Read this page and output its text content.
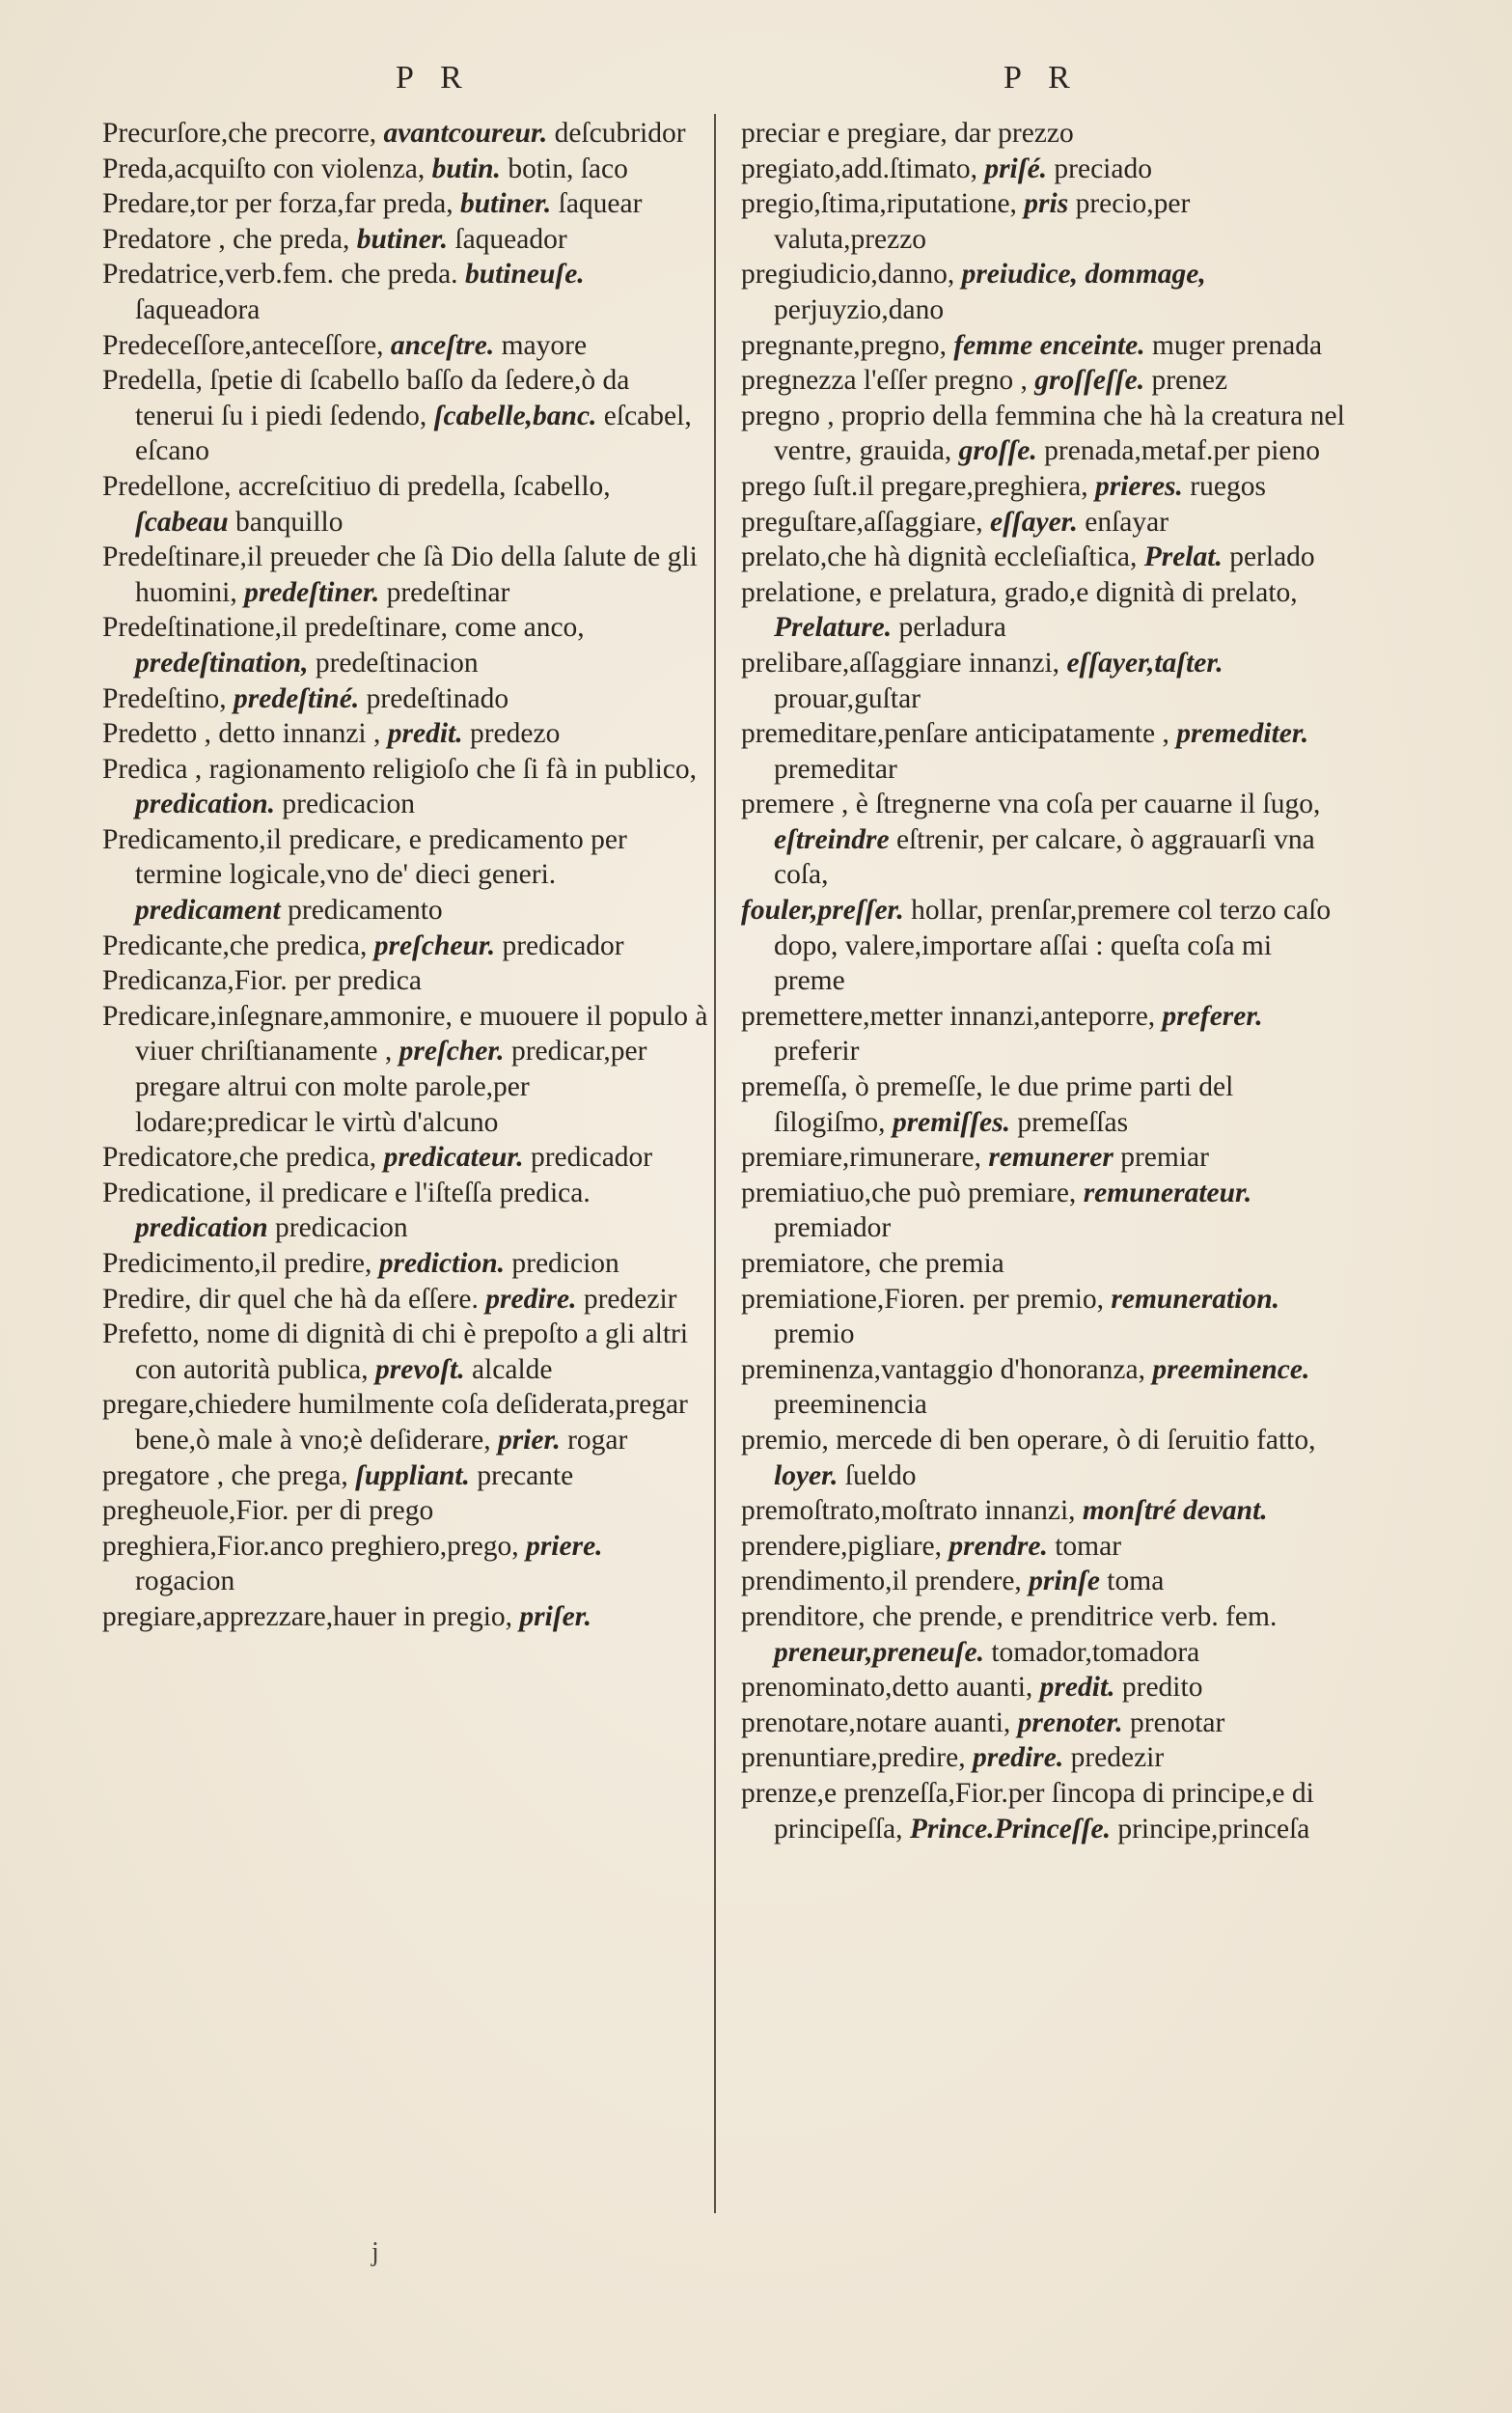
P R	P R

Precurſore,che precorre, avantcoureur. deſcubridor

Preda,acquiſto con violenza, butin. botin, ſaco

Predare,tor per forza,far preda, butiner. ſaquear

Predatore , che preda, butiner. ſaqueador

Predatrice,verb.fem. che preda. butineuſe. ſaqueadora

Predeceſſore,anteceſſore, anceſtre. mayore

Predella, ſpetie di ſcabello baſſo da ſedere,ò da tenerui ſu i piedi ſedendo, ſcabelle,banc. eſcabel, eſcano

Predellone, accreſcitiuo di predella, ſcabello, ſcabeau banquillo

Predeſtinare,il preueder che ſà Dio della ſalute de gli huomini, predeſtiner. predeſtinar

Predeſtinatione,il predeſtinare, come anco, predeſtination, predeſtinacion

Predeſtino, predeſtiné. predeſtinado

Predetto , detto innanzi , predit. predezo

Predica , ragionamento religioſo che ſi fà in publico, predication. predicacion

Predicamento,il predicare, e predicamento per termine logicale,vno de' dieci generi. predicament predicamento

Predicante,che predica, preſcheur. predicador

Predicanza,Fior. per predica

Predicare,inſegnare,ammonire, e muouere il populo à viuer chriſtianamente , preſcher. predicar,per pregare altrui con molte parole,per lodare;predicar le virtù d'alcuno

Predicatore,che predica, predicateur. predicador

Predicatione, il predicare e l'iſteſſa predica. predication predicacion

Predicimento,il predire, prediction. predicion

Predire, dir quel che hà da eſſere. predire. predezir

Prefetto, nome di dignità di chi è prepoſto a gli altri con autorità publica, prevoſt. alcalde

pregare,chiedere humilmente coſa deſiderata,pregar bene,ò male à vno;è deſiderare, prier. rogar

pregatore , che prega, ſuppliant. precante

pregheuole,Fior. per di prego

preghiera,Fior.anco preghiero,prego, priere. rogacion

pregiare,apprezzare,hauer in pregio, priſer.

preciar e pregiare, dar prezzo

pregiato,add.ſtimato, priſé. preciado

pregio,ſtima,riputatione, pris precio,per valuta,prezzo

pregiudicio,danno, preiudice, dommage, perjuyzio,dano

pregnante,pregno, femme enceinte. muger prenada

pregnezza l'eſſer pregno , groſſeſſe. prenez

pregno , proprio della femmina che hà la creatura nel ventre, grauida, groſſe. prenada,metaf.per pieno

prego ſuſt.il pregare,preghiera, prieres. ruegos

preguſtare,aſſaggiare, eſſayer. enſayar

prelato,che hà dignità eccleſiaſtica, Prelat. perlado

prelatione, e prelatura, grado,e dignità di prelato, Prelature. perladura

prelibare,aſſaggiare innanzi, eſſayer,taſter. prouar,guſtar

premeditare,penſare anticipatamente , premediter. premeditar

premere , è ſtregnerne vna coſa per cauarne il ſugo, eſtreindre eſtrenir, per calcare, ò aggrauarſi vna coſa,

fouler,preſſer. hollar, prenſar,premere col terzo caſo dopo, valere,importare aſſai : queſta coſa mi preme

premettere,metter innanzi,anteporre, preferer. preferir

premeſſa, ò premeſſe, le due prime parti del ſilogiſmo, premiſſes. premeſſas

premiare,rimunerare, remunerer premiar

premiatiuo,che può premiare, remunerateur. premiador

premiatore, che premia

premiatione,Fioren. per premio, remuneration. premio

preminenza,vantaggio d'honoranza, preeminence. preeminencia

premio, mercede di ben operare, ò di ſeruitio fatto, loyer. ſueldo

premoſtrato,moſtrato innanzi, monſtré devant.

prendere,pigliare, prendre. tomar

prendimento,il prendere, prinſe toma

prenditore, che prende, e prenditrice verb. fem. preneur,preneuſe. tomador,tomadora

prenominato,detto auanti, predit. predito

prenotare,notare auanti, prenoter. prenotar

prenuntiare,predire, predire. predezir

prenze,e prenzeſſa,Fior.per ſincopa di principe,e di principeſſa, Prince.Princeſſe. principe,princeſa

j
